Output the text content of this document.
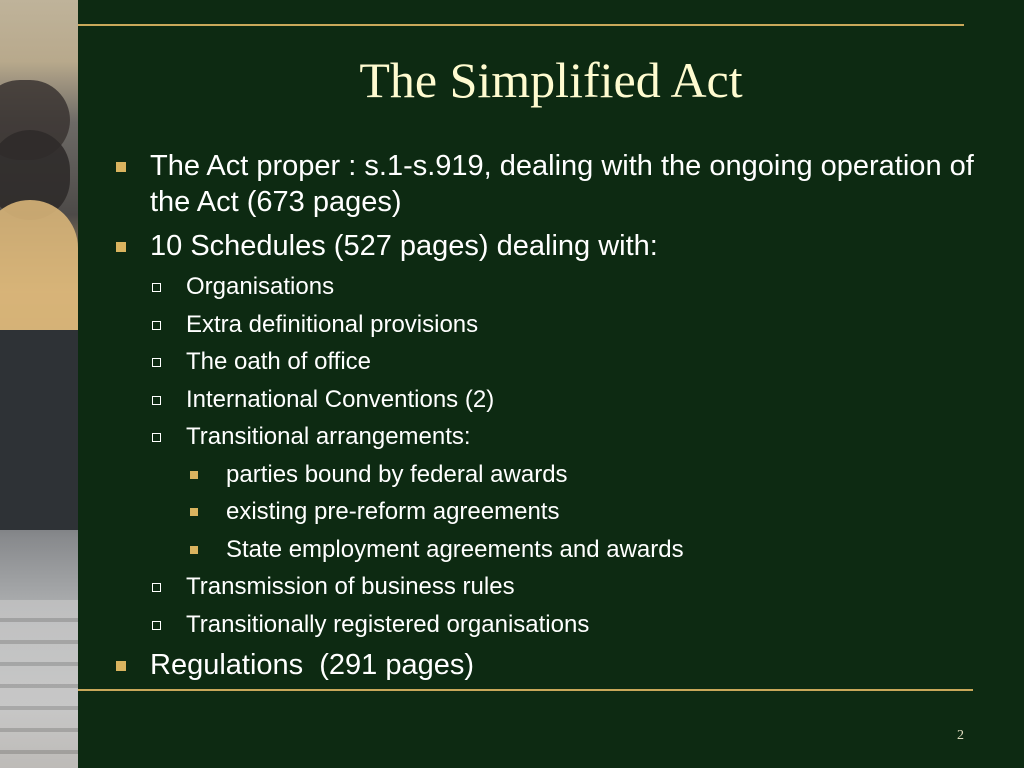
The Simplified Act
The Act proper : s.1-s.919, dealing with the ongoing operation of the Act (673 pages)
10 Schedules (527 pages) dealing with:
Organisations
Extra definitional provisions
The oath of office
International Conventions (2)
Transitional arrangements:
parties bound by federal awards
existing pre-reform agreements
State employment agreements and awards
Transmission of business rules
Transitionally registered organisations
Regulations  (291 pages)
2
